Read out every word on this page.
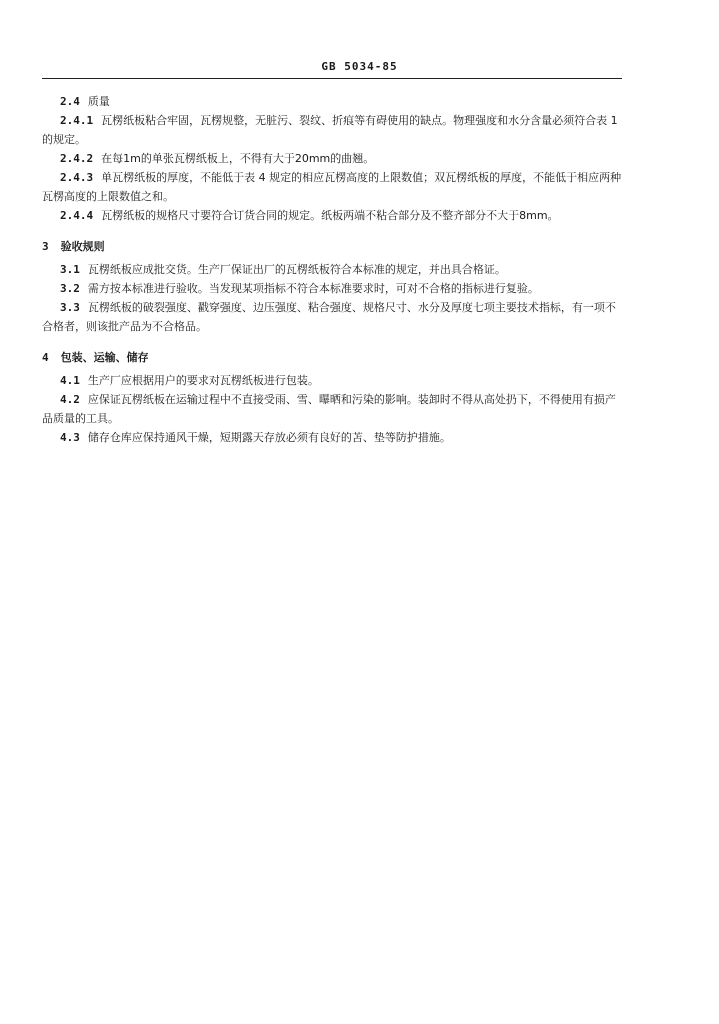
GB 5034-85

2.4 质量

2.4.1 瓦楞纸板粘合牢固，瓦楞规整，无脏污、裂纹、折痕等有碍使用的缺点。物理强度和水分含量必须符合表 1 的规定。

2.4.2 在每1m的单张瓦楞纸板上，不得有大于20mm的曲翘。

2.4.3 单瓦楞纸板的厚度，不能低于表 4 规定的相应瓦楞高度的上限数值；双瓦楞纸板的厚度，不能低于相应两种瓦楞高度的上限数值之和。

2.4.4 瓦楞纸板的规格尺寸要符合订货合同的规定。纸板两端不粘合部分及不整齐部分不大于8mm。

3 验收规则

3.1 瓦楞纸板应成批交货。生产厂保证出厂的瓦楞纸板符合本标准的规定，并出具合格证。

3.2 需方按本标准进行验收。当发现某项指标不符合本标准要求时，可对不合格的指标进行复验。

3.3 瓦楞纸板的破裂强度、戳穿强度、边压强度、粘合强度、规格尺寸、水分及厚度七项主要技术指标，有一项不合格者，则该批产品为不合格品。

4 包装、运输、储存

4.1 生产厂应根据用户的要求对瓦楞纸板进行包装。

4.2 应保证瓦楞纸板在运输过程中不直接受雨、雪、曝晒和污染的影响。装卸时不得从高处扔下，不得使用有损产品质量的工具。

4.3 储存仓库应保持通风干燥，短期露天存放必须有良好的苫、垫等防护措施。
